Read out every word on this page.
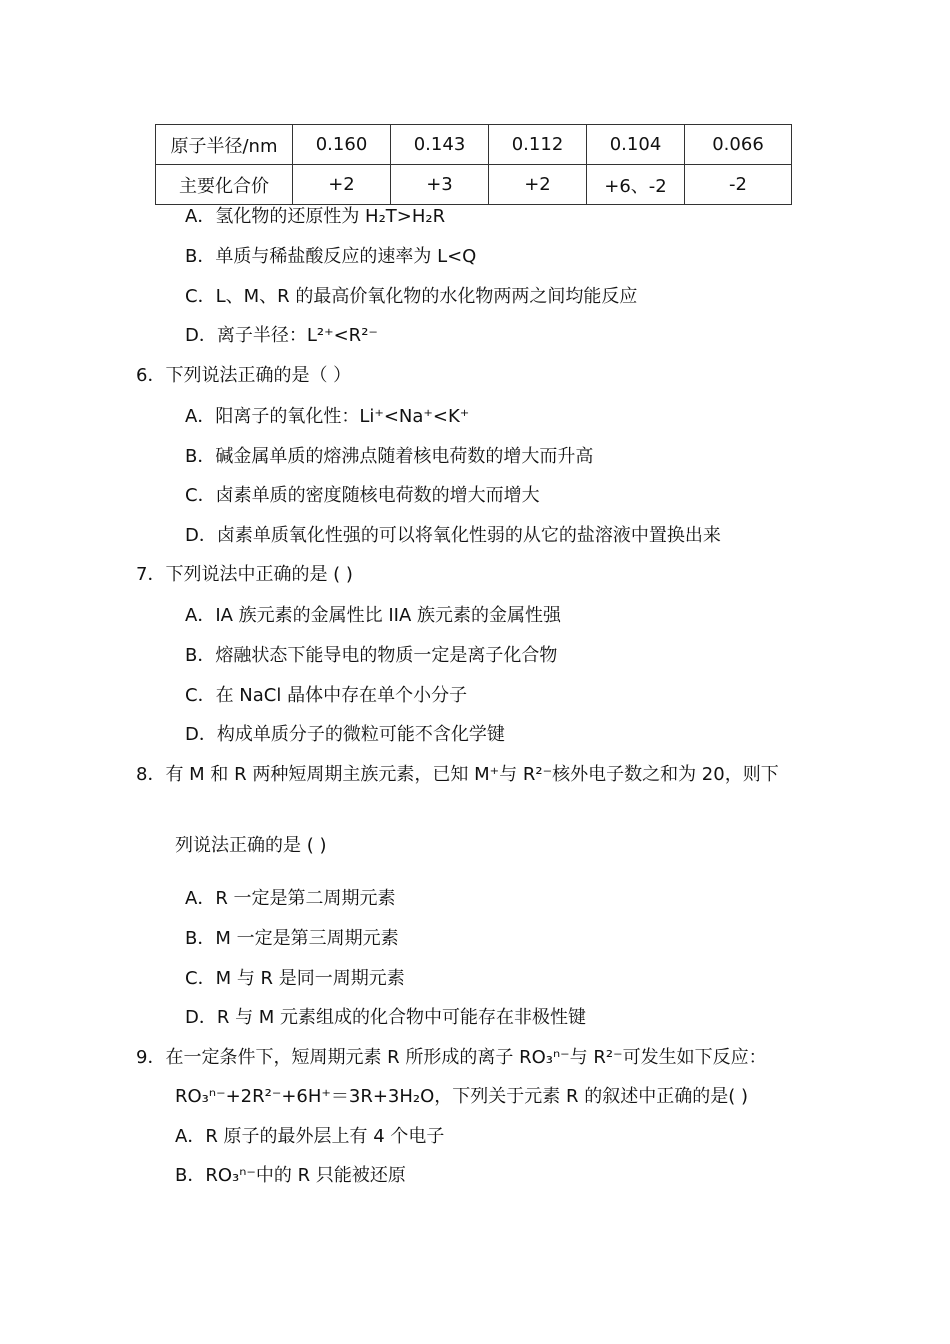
原子半径/nm	0.160	0.143	0.112	0.104	0.066
主要化合价	+2	+3	+2	+6、-2	-2
A．氢化物的还原性为 H₂T>H₂R
B．单质与稀盐酸反应的速率为 L<Q
C．L、M、R 的最高价氧化物的水化物两两之间均能反应
D．离子半径：L²⁺<R²⁻
6．下列说法正确的是（ ）
A．阳离子的氧化性：Li⁺<Na⁺<K⁺
B．碱金属单质的熔沸点随着核电荷数的增大而升高
C．卤素单质的密度随核电荷数的增大而增大
D．卤素单质氧化性强的可以将氧化性弱的从它的盐溶液中置换出来
7．下列说法中正确的是 ( )
A．IA 族元素的金属性比 IIA 族元素的金属性强
B．熔融状态下能导电的物质一定是离子化合物
C．在 NaCl 晶体中存在单个小分子
D．构成单质分子的微粒可能不含化学键
8．有 M 和 R 两种短周期主族元素，已知 M⁺与 R²⁻核外电子数之和为 20，则下
列说法正确的是 ( )
A．R 一定是第二周期元素
B．M 一定是第三周期元素
C．M 与 R 是同一周期元素
D．R 与 M 元素组成的化合物中可能存在非极性键
9．在一定条件下，短周期元素 R 所形成的离子 RO₃ⁿ⁻与 R²⁻可发生如下反应：
RO₃ⁿ⁻+2R²⁻+6H⁺＝3R+3H₂O，下列关于元素 R 的叙述中正确的是( )
A．R 原子的最外层上有 4 个电子
B．RO₃ⁿ⁻中的 R 只能被还原
